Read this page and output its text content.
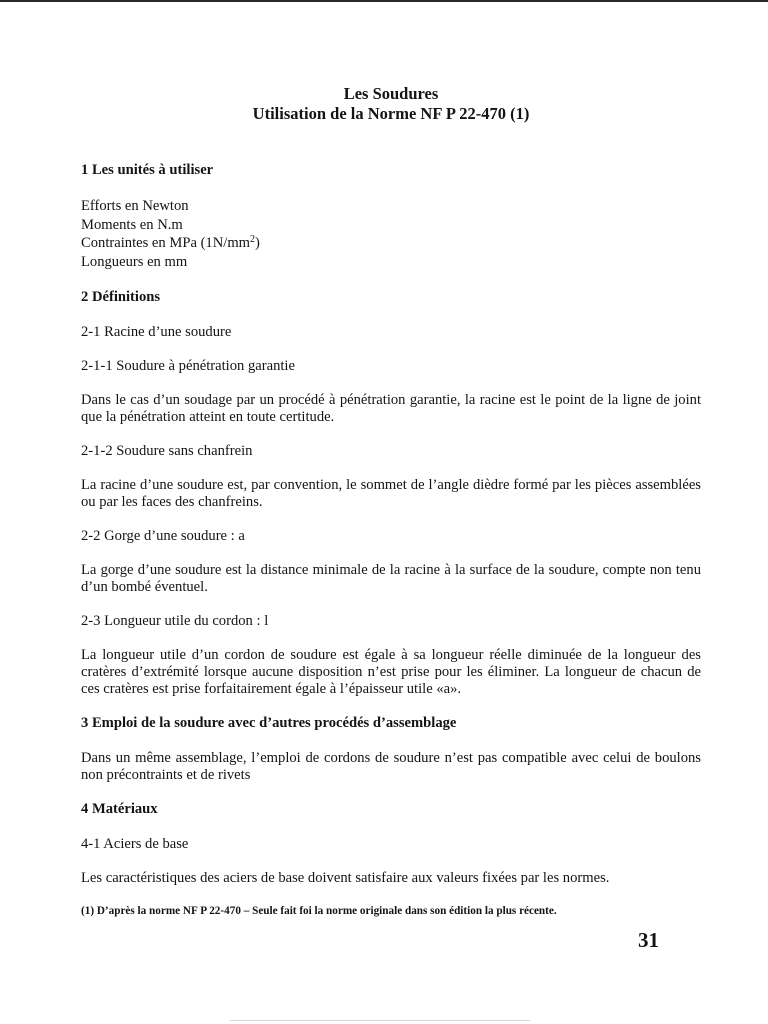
Les Soudures

Utilisation de la Norme NF P 22-470 (1)

1 Les unités à utiliser

Efforts en Newton
Moments en N.m
Contraintes en MPa $(1N/mm^2)$
Longueurs en mm

2 Définitions

2-1 Racine d’une soudure

2-1-1 Soudure à pénétration garantie

Dans le cas d’un soudage par un procédé à pénétration garantie, la racine est le point de la ligne de joint que la pénétration atteint en toute certitude.

2-1-2 Soudure sans chanfrein

La racine d’une soudure est, par convention, le sommet de l’angle dièdre formé par les pièces assemblées ou par les faces des chanfreins.

2-2 Gorge d’une soudure : a

La gorge d’une soudure est la distance minimale de la racine à la surface de la soudure, compte non tenu d’un bombé éventuel.

2-3 Longueur utile du cordon : l

La longueur utile d’un cordon de soudure est égale à sa longueur réelle diminuée de la longueur des cratères d’extrémité lorsque aucune disposition n’est prise pour les éliminer. La longueur de chacun de ces cratères est prise forfaitairement égale à l’épaisseur utile «a».

3 Emploi de la soudure avec d’autres procédés d’assemblage

Dans un même assemblage, l’emploi de cordons de soudure n’est pas compatible avec celui de boulons non précontraints et de rivets

4 Matériaux

4-1 Aciers de base

Les caractéristiques des aciers de base doivent satisfaire aux valeurs fixées par les normes.

(1) D’après la norme NF P 22-470 – Seule fait foi la norme originale dans son édition la plus récente.

31
